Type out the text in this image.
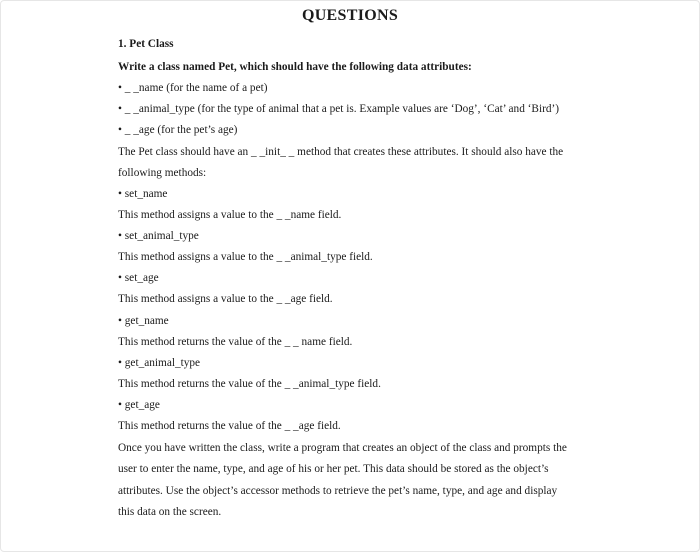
QUESTIONS
1. Pet Class
Write a class named Pet, which should have the following data attributes:
• _ _name (for the name of a pet)
• _ _animal_type (for the type of animal that a pet is. Example values are ‘Dog’, ‘Cat’ and ‘Bird’)
• _ _age (for the pet’s age)
The Pet class should have an _ _init_ _ method that creates these attributes. It should also have the
following methods:
• set_name
This method assigns a value to the _ _name field.
• set_animal_type
This method assigns a value to the _ _animal_type field.
• set_age
This method assigns a value to the _ _age field.
• get_name
This method returns the value of the _ _ name field.
• get_animal_type
This method returns the value of the _ _animal_type field.
• get_age
This method returns the value of the _ _age field.
Once you have written the class, write a program that creates an object of the class and prompts the
user to enter the name, type, and age of his or her pet. This data should be stored as the object’s
attributes. Use the object’s accessor methods to retrieve the pet’s name, type, and age and display
this data on the screen.
